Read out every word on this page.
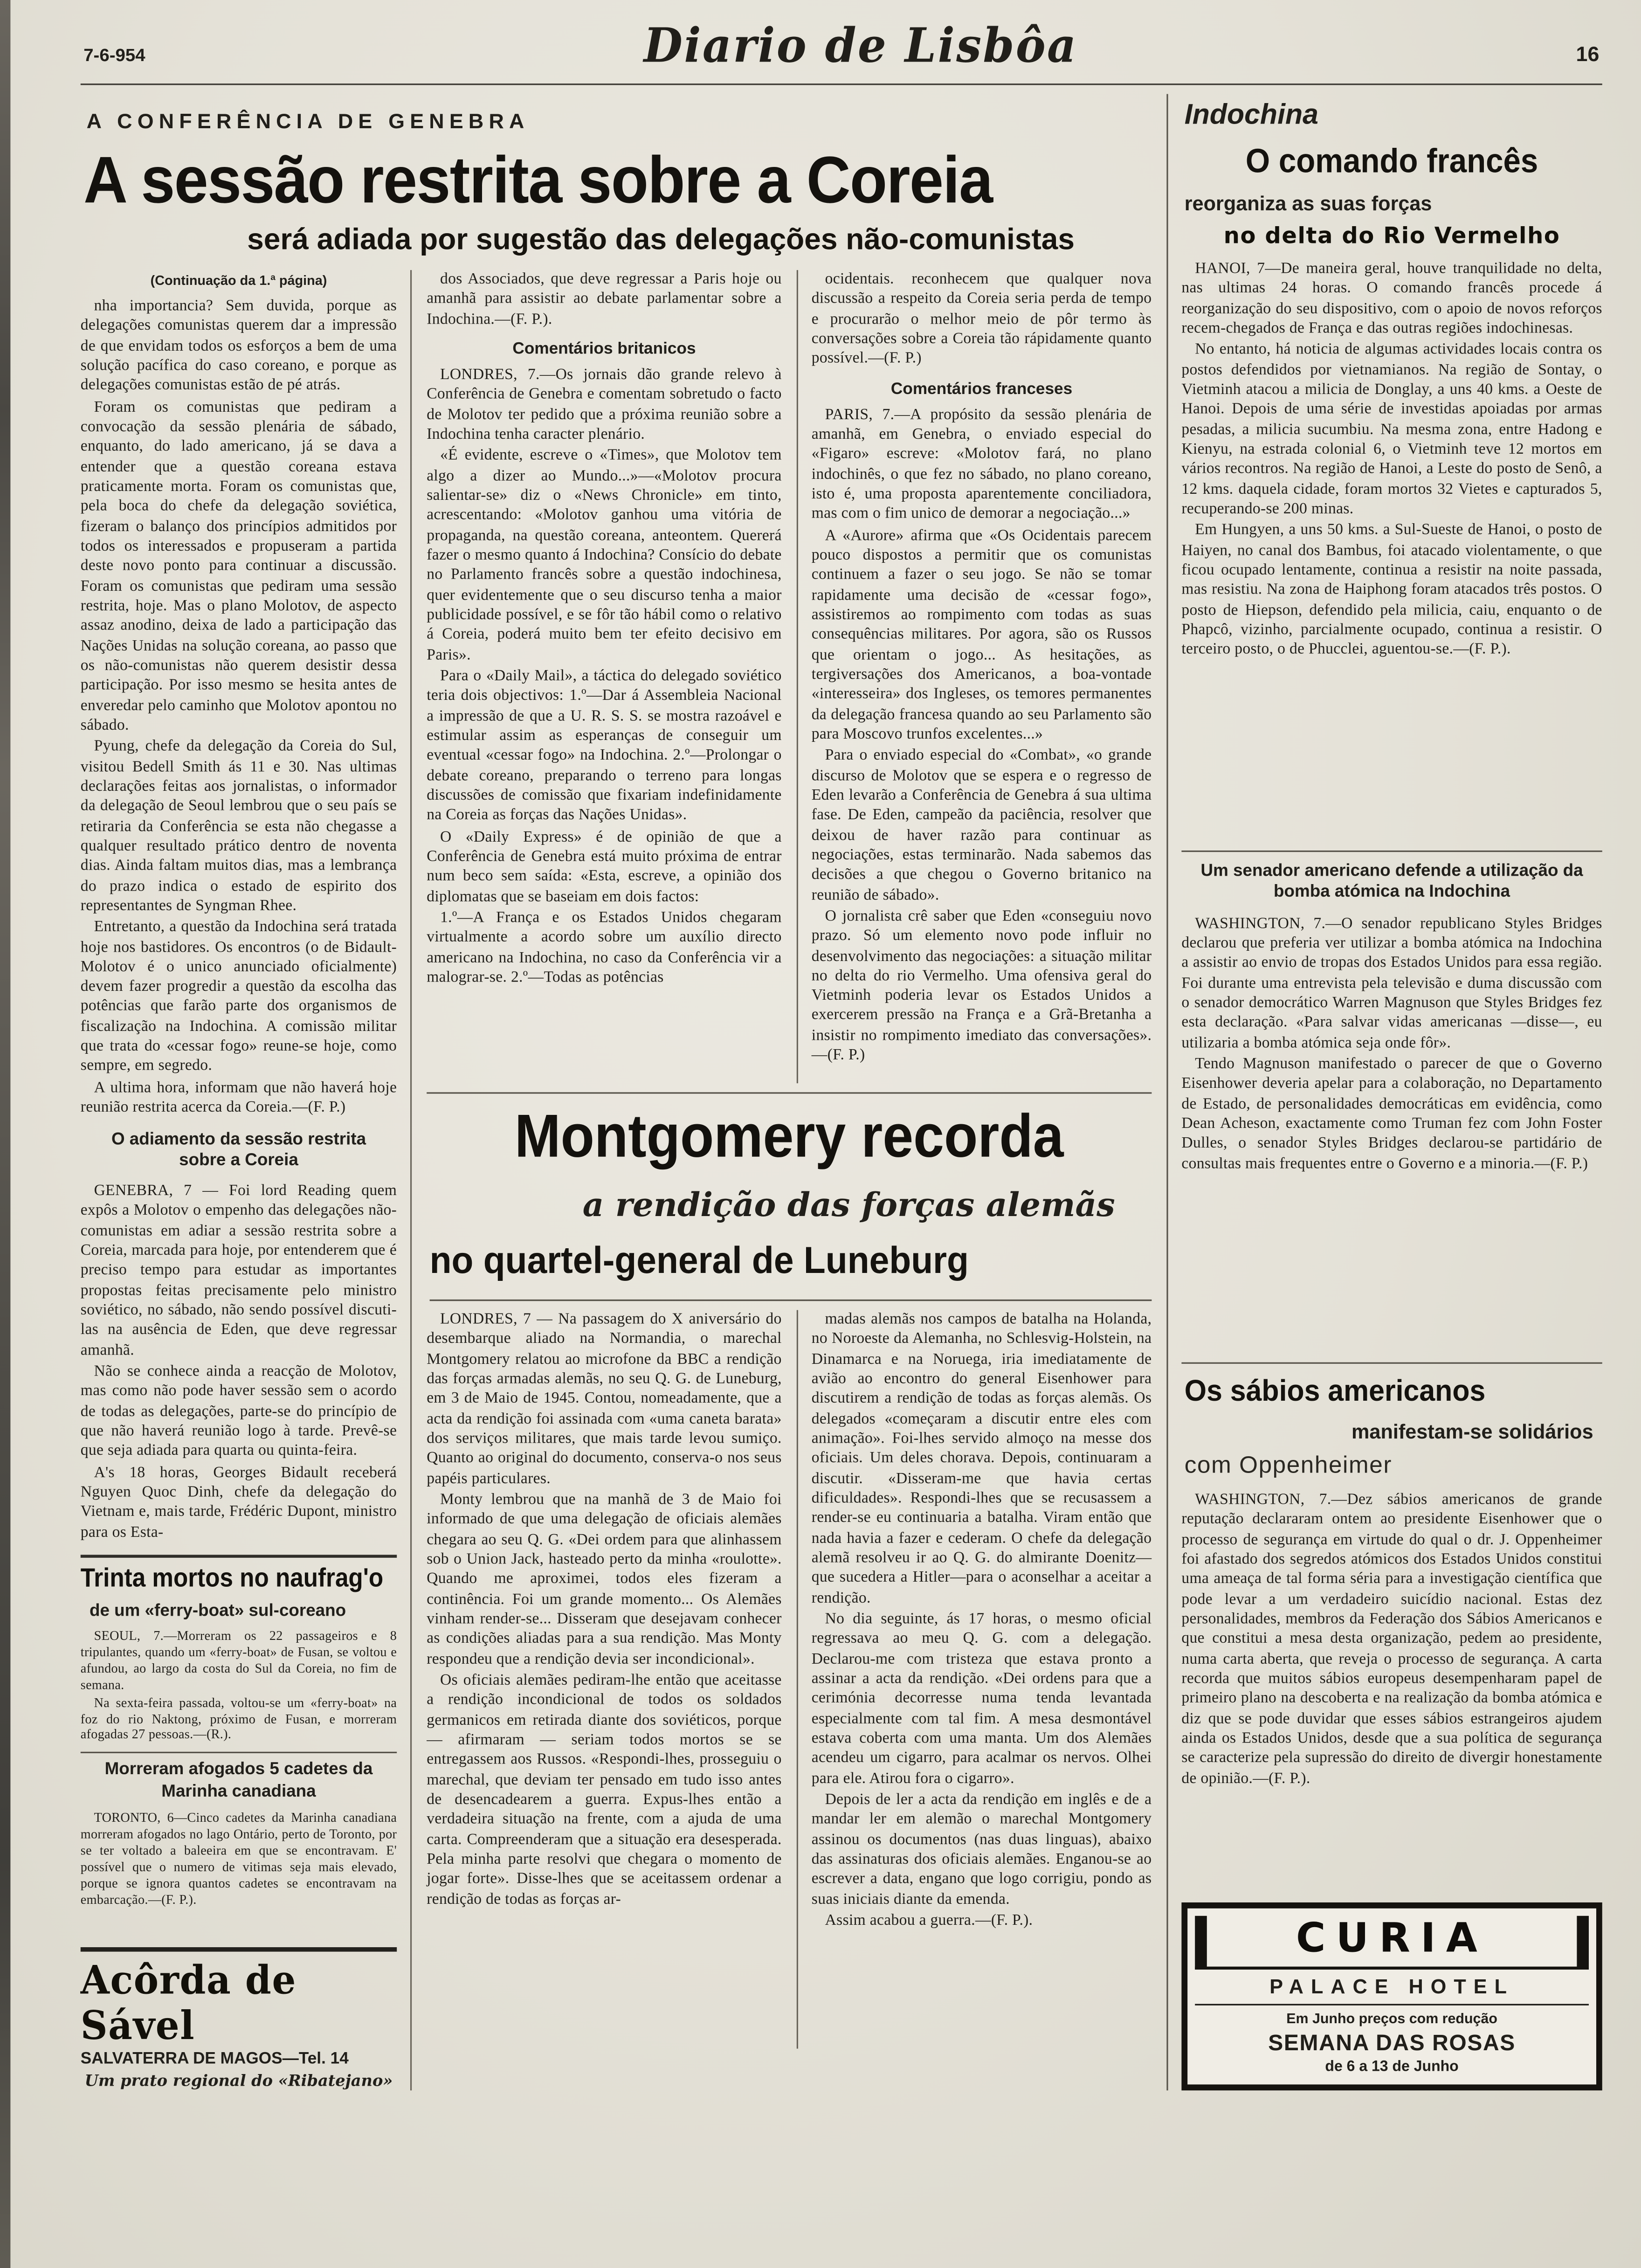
7-6-954	Diario de Lisbôa	16
A CONFERÊNCIA DE GENEBRA
A sessão restrita sobre a Coreia
será adiada por sugestão das delegações não-comunistas
(Continuação da 1.ª página)

nha importancia? Sem duvida, porque as delegações comunistas querem dar a impressão de que envidam todos os esforços a bem de uma solução pacífica do caso coreano, e porque as delegações comunistas estão de pé atrás.

Foram os comunistas que pediram a convocação da sessão plenária de sábado, enquanto, do lado americano, já se dava a entender que a questão coreana estava praticamente morta. Foram os comunistas que, pela boca do chefe da delegação soviética, fizeram o balanço dos princípios admitidos por todos os interessados e propuseram a partida deste novo ponto para continuar a discussão. Foram os comunistas que pediram uma sessão restrita, hoje. Mas o plano Molotov, de aspecto assaz anodino, deixa de lado a participação das Nações Unidas na solução coreana, ao passo que os não-comunistas não querem desistir dessa participação. Por isso mesmo se hesita antes de enveredar pelo caminho que Molotov apontou no sábado.

Pyung, chefe da delegação da Coreia do Sul, visitou Bedell Smith ás 11 e 30. Nas ultimas declarações feitas aos jornalistas, o informador da delegação de Seoul lembrou que o seu país se retiraria da Conferência se esta não chegasse a qualquer resultado prático dentro de noventa dias. Ainda faltam muitos dias, mas a lembrança do prazo indica o estado de espirito dos representantes de Syngman Rhee.

Entretanto, a questão da Indochina será tratada hoje nos bastidores. Os encontros (o de Bidault-Molotov é o unico anunciado oficialmente) devem fazer progredir a questão da escolha das potências que farão parte dos organismos de fiscalização na Indochina. A comissão militar que trata do «cessar fogo» reune-se hoje, como sempre, em segredo.

A ultima hora, informam que não haverá hoje reunião restrita acerca da Coreia.—(F. P.)

O adiamento da sessão restrita sobre a Coreia

GENEBRA, 7 — Foi lord Reading quem expôs a Molotov o empenho das delegações não-comunistas em adiar a sessão restrita sobre a Coreia, marcada para hoje, por entenderem que é preciso tempo para estudar as importantes propostas feitas precisamente pelo ministro soviético, no sábado, não sendo possível discuti-las na ausência de Eden, que deve regressar amanhã.

Não se conhece ainda a reacção de Molotov, mas como não pode haver sessão sem o acordo de todas as delegações, parte-se do princípio de que não haverá reunião logo à tarde. Prevê-se que seja adiada para quarta ou quinta-feira.

A's 18 horas, Georges Bidault receberá Nguyen Quoc Dinh, chefe da delegação do Vietnam e, mais tarde, Frédéric Dupont, ministro para os Esta-

Trinta mortos no naufrag'o
de um «ferry-boat» sul-coreano

SEOUL, 7.—Morreram os 22 passageiros e 8 tripulantes, quando um «ferry-boat» de Fusan, se voltou e afundou, ao largo da costa do Sul da Coreia, no fim de semana.

Na sexta-feira passada, voltou-se um «ferry-boat» na foz do rio Naktong, próximo de Fusan, e morreram afogadas 27 pessoas.—(R.).

Morreram afogados 5 cadetes da Marinha canadiana

TORONTO, 6—Cinco cadetes da Marinha canadiana morreram afogados no lago Ontário, perto de Toronto, por se ter voltado a baleeira em que se encontravam. E' possível que o numero de vitimas seja mais elevado, porque se ignora quantos cadetes se encontravam na embarcação.—(F. P.).

Acôrda de Sável
SALVATERRA DE MAGOS—Tel. 14
Um prato regional do «Ribatejano»

dos Associados, que deve regressar a Paris hoje ou amanhã para assistir ao debate parlamentar sobre a Indochina.—(F. P.).

Comentários britanicos

LONDRES, 7.—Os jornais dão grande relevo à Conferência de Genebra e comentam sobretudo o facto de Molotov ter pedido que a próxima reunião sobre a Indochina tenha caracter plenário.

«É evidente, escreve o «Times», que Molotov tem algo a dizer ao Mundo...»—«Molotov procura salientar-se» diz o «News Chronicle» em tinto, acrescentando: «Molotov ganhou uma vitória de propaganda, na questão coreana, anteontem. Quererá fazer o mesmo quanto á Indochina? Consício do debate no Parlamento francês sobre a questão indochinesa, quer evidentemente que o seu discurso tenha a maior publicidade possível, e se fôr tão hábil como o relativo á Coreia, poderá muito bem ter efeito decisivo em Paris».

Para o «Daily Mail», a táctica do delegado soviético teria dois objectivos: 1.º—Dar á Assembleia Nacional a impressão de que a U. R. S. S. se mostra razoável e estimular assim as esperanças de conseguir um eventual «cessar fogo» na Indochina. 2.º—Prolongar o debate coreano, preparando o terreno para longas discussões de comissão que fixariam indefinidamente na Coreia as forças das Nações Unidas».

O «Daily Express» é de opinião de que a Conferência de Genebra está muito próxima de entrar num beco sem saída: «Esta, escreve, a opinião dos diplomatas que se baseiam em dois factos:

1.º—A França e os Estados Unidos chegaram virtualmente a acordo sobre um auxílio directo americano na Indochina, no caso da Conferência vir a malograr-se. 2.º—Todas as potências

ocidentais. reconhecem que qualquer nova discussão a respeito da Coreia seria perda de tempo e procurarão o melhor meio de pôr termo às conversações sobre a Coreia tão rápidamente quanto possível.—(F. P.)

Comentários franceses

PARIS, 7.—A propósito da sessão plenária de amanhã, em Genebra, o enviado especial do «Figaro» escreve: «Molotov fará, no plano indochinês, o que fez no sábado, no plano coreano, isto é, uma proposta aparentemente conciliadora, mas com o fim unico de demorar a negociação...»

A «Aurore» afirma que «Os Ocidentais parecem pouco dispostos a permitir que os comunistas continuem a fazer o seu jogo. Se não se tomar rapidamente uma decisão de «cessar fogo», assistiremos ao rompimento com todas as suas consequências militares. Por agora, são os Russos que orientam o jogo... As hesitações, as tergiversações dos Americanos, a boa-vontade «interesseira» dos Ingleses, os temores permanentes da delegação francesa quando ao seu Parlamento são para Moscovo trunfos excelentes...»

Para o enviado especial do «Combat», «o grande discurso de Molotov que se espera e o regresso de Eden levarão a Conferência de Genebra á sua ultima fase. De Eden, campeão da paciência, resolver que deixou de haver razão para continuar as negociações, estas terminarão. Nada sabemos das decisões a que chegou o Governo britanico na reunião de sábado».

O jornalista crê saber que Eden «conseguiu novo prazo. Só um elemento novo pode influir no desenvolvimento das negociações: a situação militar no delta do rio Vermelho. Uma ofensiva geral do Vietminh poderia levar os Estados Unidos a exercerem pressão na França e a Grã-Bretanha a insistir no rompimento imediato das conversações».—(F. P.)

Montgomery recorda
a rendição das forças alemãs
no quartel-general de Luneburg

LONDRES, 7 — Na passagem do X aniversário do desembarque aliado na Normandia, o marechal Montgomery relatou ao microfone da BBC a rendição das forças armadas alemãs, no seu Q. G. de Luneburg, em 3 de Maio de 1945. Contou, nomeadamente, que a acta da rendição foi assinada com «uma caneta barata» dos serviços militares, que mais tarde levou sumiço. Quanto ao original do documento, conserva-o nos seus papéis particulares.

Monty lembrou que na manhã de 3 de Maio foi informado de que uma delegação de oficiais alemães chegara ao seu Q. G. «Dei ordem para que alinhassem sob o Union Jack, hasteado perto da minha «roulotte». Quando me aproximei, todos eles fizeram a continência. Foi um grande momento... Os Alemães vinham render-se... Disseram que desejavam conhecer as condições aliadas para a sua rendição. Mas Monty respondeu que a rendição devia ser incondicional».

Os oficiais alemães pediram-lhe então que aceitasse a rendição incondicional de todos os soldados germanicos em retirada diante dos soviéticos, porque — afirmaram — seriam todos mortos se se entregassem aos Russos. «Respondi-lhes, prosseguiu o marechal, que deviam ter pensado em tudo isso antes de desencadearem a guerra. Expus-lhes então a verdadeira situação na frente, com a ajuda de uma carta. Compreenderam que a situação era desesperada. Pela minha parte resolvi que chegara o momento de jogar forte». Disse-lhes que se aceitassem ordenar a rendição de todas as forças ar-

madas alemãs nos campos de batalha na Holanda, no Noroeste da Alemanha, no Schlesvig-Holstein, na Dinamarca e na Noruega, iria imediatamente de avião ao encontro do general Eisenhower para discutirem a rendição de todas as forças alemãs. Os delegados «começaram a discutir entre eles com animação». Foi-lhes servido almoço na messe dos oficiais. Um deles chorava. Depois, continuaram a discutir. «Disseram-me que havia certas dificuldades». Respondi-lhes que se recusassem a render-se eu continuaria a batalha. Viram então que nada havia a fazer e cederam. O chefe da delegação alemã resolveu ir ao Q. G. do almirante Doenitz—que sucedera a Hitler—para o aconselhar a aceitar a rendição.

No dia seguinte, ás 17 horas, o mesmo oficial regressava ao meu Q. G. com a delegação. Declarou-me com tristeza que estava pronto a assinar a acta da rendição. «Dei ordens para que a cerimónia decorresse numa tenda levantada especialmente com tal fim. A mesa desmontável estava coberta com uma manta. Um dos Alemães acendeu um cigarro, para acalmar os nervos. Olhei para ele. Atirou fora o cigarro».

Depois de ler a acta da rendição em inglês e de a mandar ler em alemão o marechal Montgomery assinou os documentos (nas duas linguas), abaixo das assinaturas dos oficiais alemães. Enganou-se ao escrever a data, engano que logo corrigiu, pondo as suas iniciais diante da emenda.

Assim acabou a guerra.—(F. P.).

Indochina
O comando francês
reorganiza as suas forças
no delta do Rio Vermelho

HANOI, 7—De maneira geral, houve tranquilidade no delta, nas ultimas 24 horas. O comando francês procede á reorganização do seu dispositivo, com o apoio de novos reforços recem-chegados de França e das outras regiões indochinesas.

No entanto, há noticia de algumas actividades locais contra os postos defendidos por vietnamianos. Na região de Sontay, o Vietminh atacou a milicia de Donglay, a uns 40 kms. a Oeste de Hanoi. Depois de uma série de investidas apoiadas por armas pesadas, a milicia sucumbiu. Na mesma zona, entre Hadong e Kienyu, na estrada colonial 6, o Vietminh teve 12 mortos em vários recontros. Na região de Hanoi, a Leste do posto de Senô, a 12 kms. daquela cidade, foram mortos 32 Vietes e capturados 5, recuperando-se 200 minas.

Em Hungyen, a uns 50 kms. a Sul-Sueste de Hanoi, o posto de Haiyen, no canal dos Bambus, foi atacado violentamente, o que ficou ocupado lentamente, continua a resistir na noite passada, mas resistiu. Na zona de Haiphong foram atacados três postos. O posto de Hiepson, defendido pela milicia, caiu, enquanto o de Phapcô, vizinho, parcialmente ocupado, continua a resistir. O terceiro posto, o de Phucclei, aguentou-se.—(F. P.).

Um senador americano defende a utilização da bomba atómica na Indochina

WASHINGTON, 7.—O senador republicano Styles Bridges declarou que preferia ver utilizar a bomba atómica na Indochina a assistir ao envio de tropas dos Estados Unidos para essa região. Foi durante uma entrevista pela televisão e duma discussão com o senador democrático Warren Magnuson que Styles Bridges fez esta declaração. «Para salvar vidas americanas —disse—, eu utilizaria a bomba atómica seja onde fôr».

Tendo Magnuson manifestado o parecer de que o Governo Eisenhower deveria apelar para a colaboração, no Departamento de Estado, de personalidades democráticas em evidência, como Dean Acheson, exactamente como Truman fez com John Foster Dulles, o senador Styles Bridges declarou-se partidário de consultas mais frequentes entre o Governo e a minoria.—(F. P.)

Os sábios americanos
manifestam-se solidários
com Oppenheimer

WASHINGTON, 7.—Dez sábios americanos de grande reputação declararam ontem ao presidente Eisenhower que o processo de segurança em virtude do qual o dr. J. Oppenheimer foi afastado dos segredos atómicos dos Estados Unidos constitui uma ameaça de tal forma séria para a investigação científica que pode levar a um verdadeiro suicídio nacional. Estas dez personalidades, membros da Federação dos Sábios Americanos e que constitui a mesa desta organização, pedem ao presidente, numa carta aberta, que reveja o processo de segurança. A carta recorda que muitos sábios europeus desempenharam papel de primeiro plano na descoberta e na realização da bomba atómica e diz que se pode duvidar que esses sábios estrangeiros ajudem ainda os Estados Unidos, desde que a sua política de segurança se caracterize pela supressão do direito de divergir honestamente de opinião.—(F. P.).

CURIA
PALACE HOTEL
Em Junho preços com redução
SEMANA DAS ROSAS
de 6 a 13 de Junho
